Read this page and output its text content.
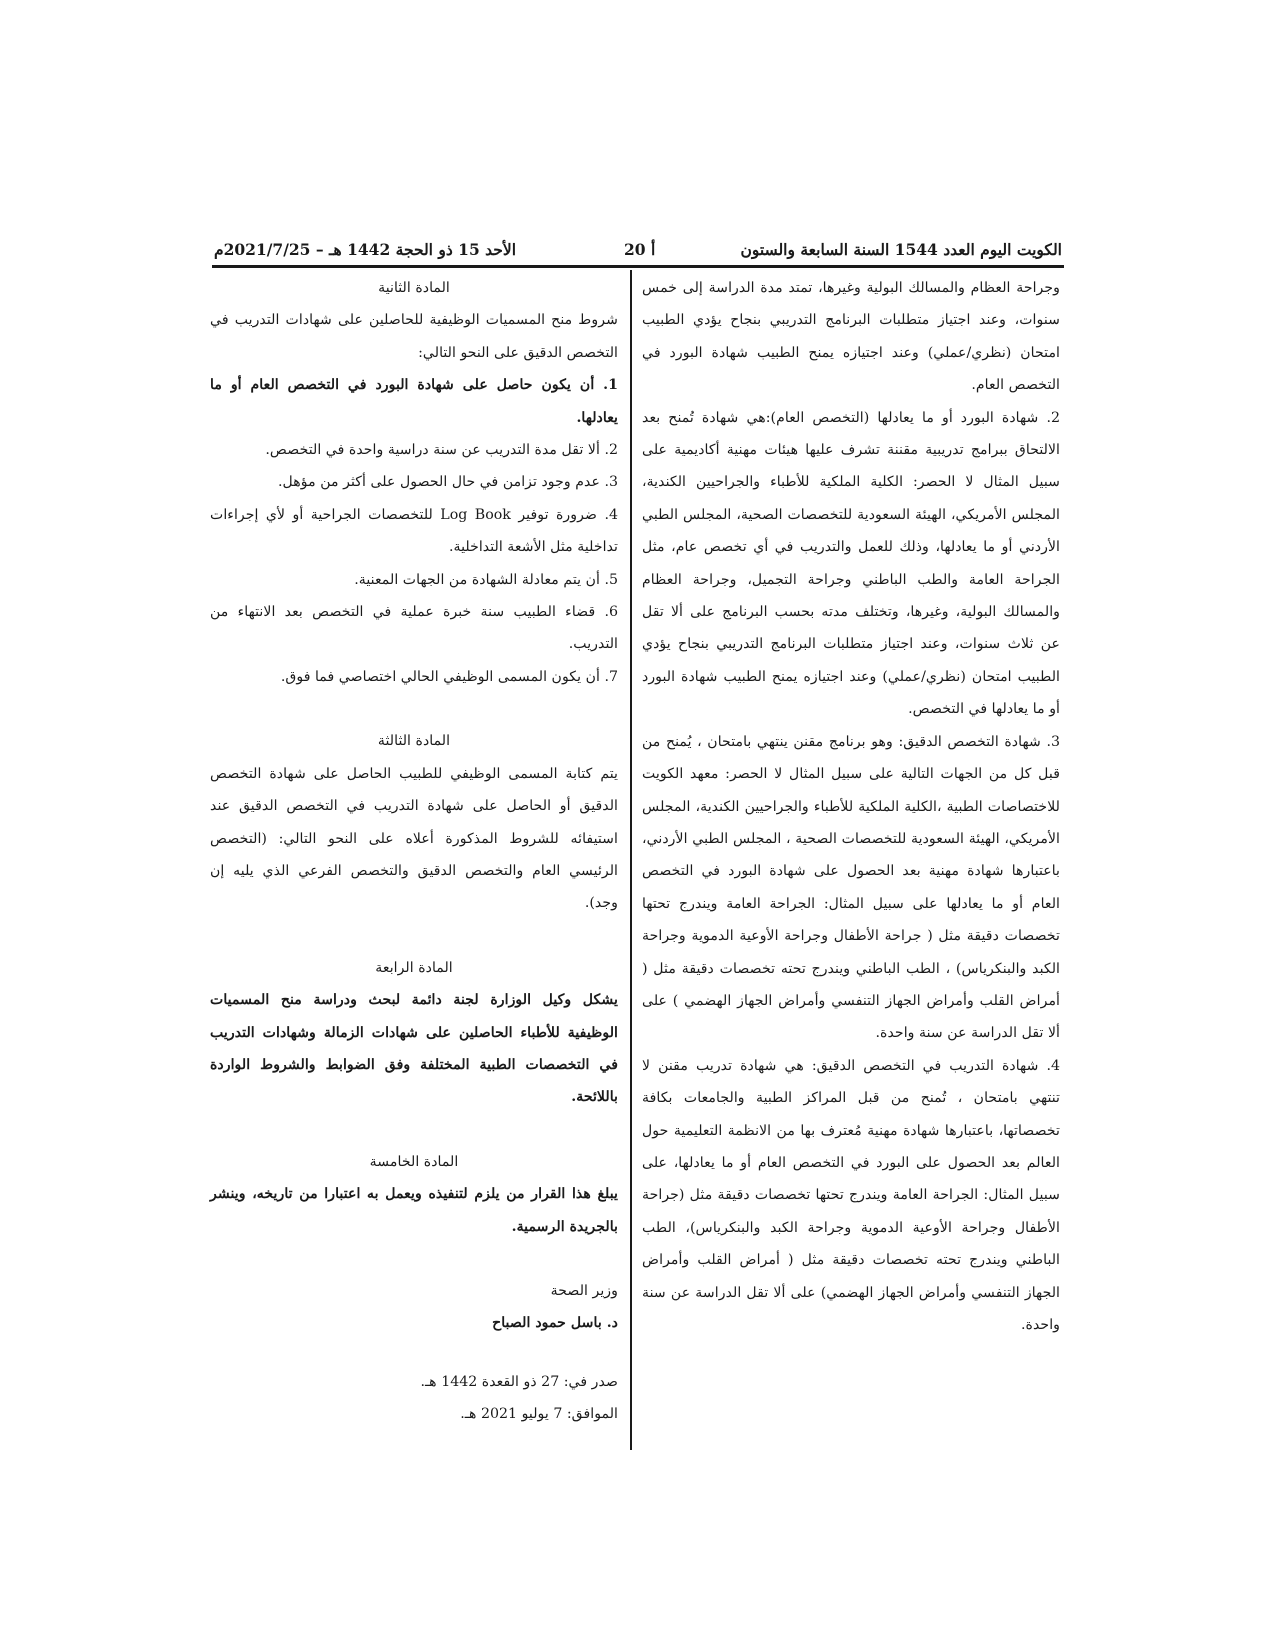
الكويت اليوم العدد 1544 السنة السابعة والستون
أ 20
الأحد 15 ذو الحجة 1442 هـ – 2021/7/25م

وجراحة العظام والمسالك البولية وغيرها، تمتد مدة الدراسة إلى خمس سنوات، وعند اجتياز متطلبات البرنامج التدريبي بنجاح يؤدي الطبيب امتحان (نظري/عملي) وعند اجتيازه يمنح الطبيب شهادة البورد في التخصص العام.

2. شهادة البورد أو ما يعادلها (التخصص العام):هي شهادة تُمنح بعد الالتحاق ببرامج تدريبية مقننة تشرف عليها هيئات مهنية أكاديمية على سبيل المثال لا الحصر: الكلية الملكية للأطباء والجراحيين الكندية، المجلس الأمريكي، الهيئة السعودية للتخصصات الصحية، المجلس الطبي الأردني أو ما يعادلها، وذلك للعمل والتدريب في أي تخصص عام، مثل الجراحة العامة والطب الباطني وجراحة التجميل، وجراحة العظام والمسالك البولية، وغيرها، وتختلف مدته بحسب البرنامج على ألا تقل عن ثلاث سنوات، وعند اجتياز متطلبات البرنامج التدريبي بنجاح يؤدي الطبيب امتحان (نظري/عملي) وعند اجتيازه يمنح الطبيب شهادة البورد أو ما يعادلها في التخصص.

3. شهادة التخصص الدقيق: وهو برنامج مقنن ينتهي بامتحان ، يُمنح من قبل كل من الجهات التالية على سبيل المثال لا الحصر: معهد الكويت للاختصاصات الطبية ،الكلية الملكية للأطباء والجراحيين الكندية، المجلس الأمريكي، الهيئة السعودية للتخصصات الصحية ، المجلس الطبي الأردني، باعتبارها شهادة مهنية بعد الحصول على شهادة البورد في التخصص العام أو ما يعادلها على سبيل المثال: الجراحة العامة ويندرج تحتها تخصصات دقيقة مثل ( جراحة الأطفال وجراحة الأوعية الدموية وجراحة الكبد والبنكرياس) ، الطب الباطني ويندرج تحته تخصصات دقيقة مثل ( أمراض القلب وأمراض الجهاز التنفسي وأمراض الجهاز الهضمي ) على ألا تقل الدراسة عن سنة واحدة.

4. شهادة التدريب في التخصص الدقيق: هي شهادة تدريب مقنن لا تنتهي بامتحان ، تُمنح من قبل المراكز الطبية والجامعات بكافة تخصصاتها، باعتبارها شهادة مهنية مُعترف بها من الانظمة التعليمية حول العالم بعد الحصول على البورد في التخصص العام أو ما يعادلها، على سبيل المثال: الجراحة العامة ويندرج تحتها تخصصات دقيقة مثل (جراحة الأطفال وجراحة الأوعية الدموية وجراحة الكبد والبنكرياس)، الطب الباطني ويندرج تحته تخصصات دقيقة مثل ( أمراض القلب وأمراض الجهاز التنفسي وأمراض الجهاز الهضمي) على ألا تقل الدراسة عن سنة واحدة.

المادة الثانية

شروط منح المسميات الوظيفية للحاصلين على شهادات التدريب في التخصص الدقيق على النحو التالي:

1. أن يكون حاصل على شهادة البورد في التخصص العام أو ما يعادلها.

2. ألا تقل مدة التدريب عن سنة دراسية واحدة في التخصص.

3. عدم وجود تزامن في حال الحصول على أكثر من مؤهل.

4. ضرورة توفير Log Book للتخصصات الجراحية أو لأي إجراءات تداخلية مثل الأشعة التداخلية.

5. أن يتم معادلة الشهادة من الجهات المعنية.

6. قضاء الطبيب سنة خبرة عملية في التخصص بعد الانتهاء من التدريب.

7. أن يكون المسمى الوظيفي الحالي اختصاصي فما فوق.

المادة الثالثة

يتم كتابة المسمى الوظيفي للطبيب الحاصل على شهادة التخصص الدقيق أو الحاصل على شهادة التدريب في التخصص الدقيق عند استيفائه للشروط المذكورة أعلاه على النحو التالي: (التخصص الرئيسي العام والتخصص الدقيق والتخصص الفرعي الذي يليه إن وجد).

المادة الرابعة

يشكل وكيل الوزارة لجنة دائمة لبحث ودراسة منح المسميات الوظيفية للأطباء الحاصلين على شهادات الزمالة وشهادات التدريب في التخصصات الطبية المختلفة وفق الضوابط والشروط الواردة باللائحة.

المادة الخامسة

يبلغ هذا القرار من يلزم لتنفيذه ويعمل به اعتبارا من تاريخه، وينشر بالجريدة الرسمية.

وزير الصحة

د. باسل حمود الصباح

صدر في: 27 ذو القعدة 1442 هـ.

الموافق: 7 يوليو 2021 هـ.
